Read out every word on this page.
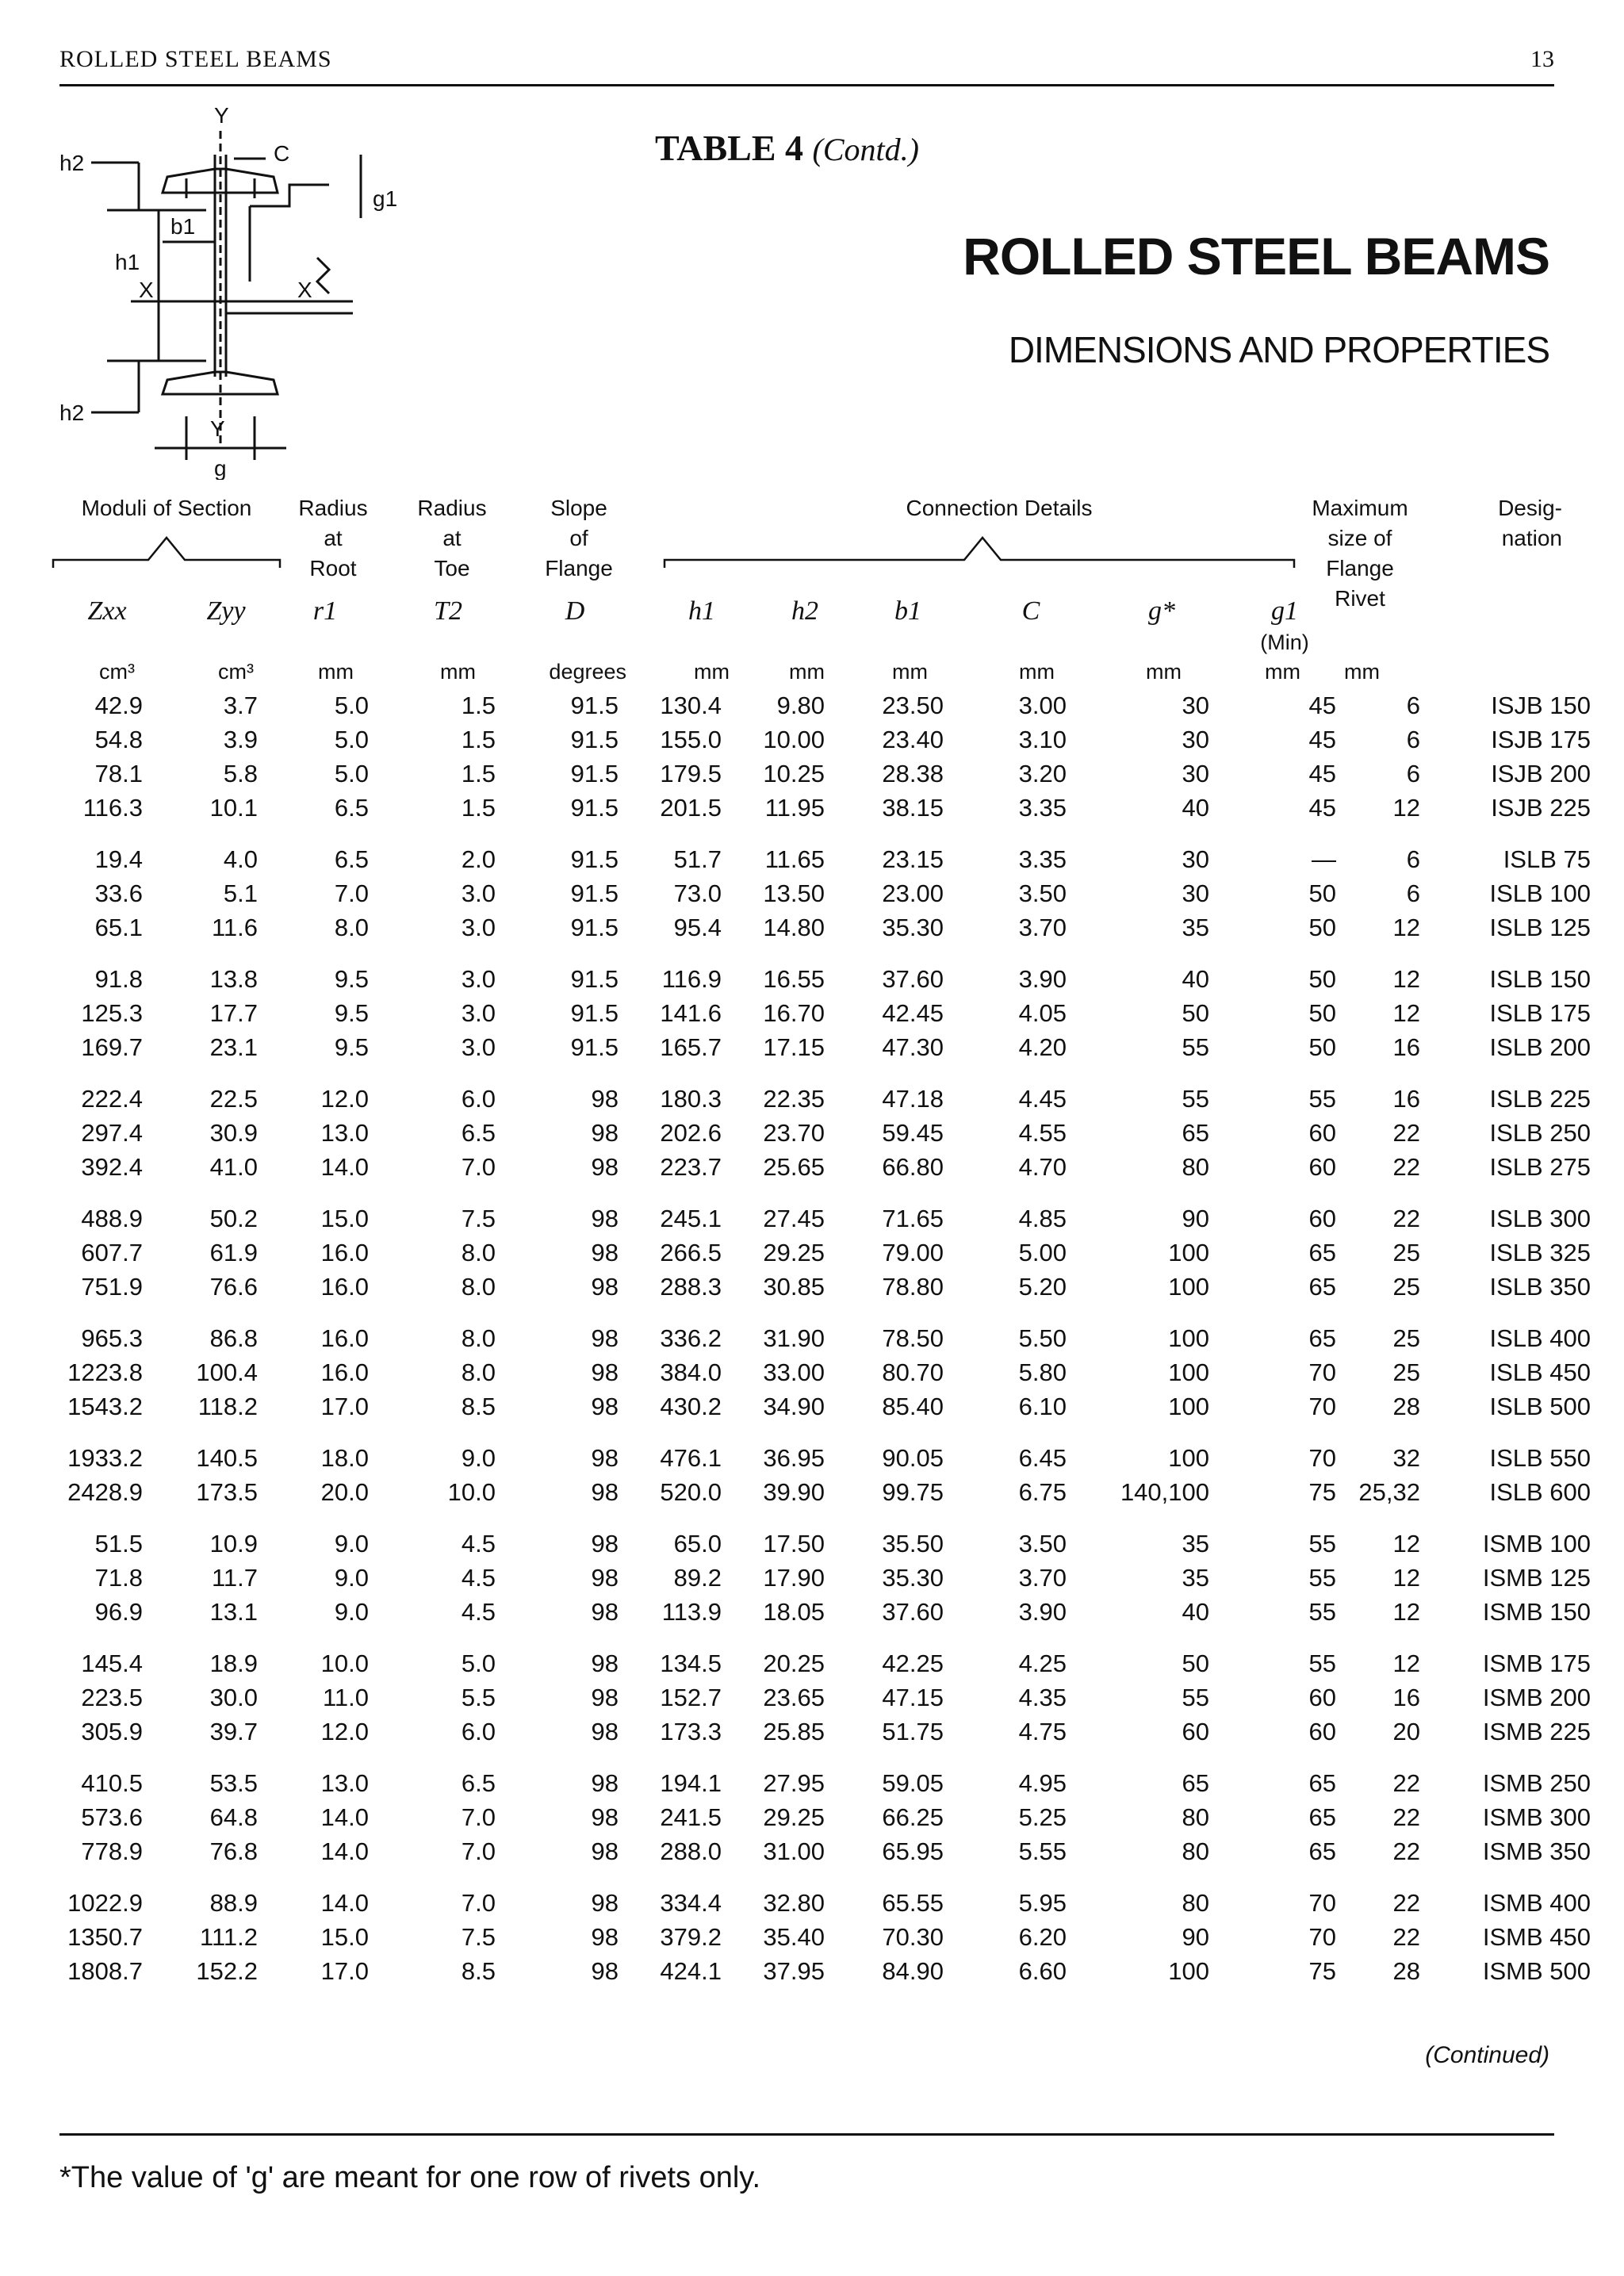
ROLLED STEEL BEAMS	13
Y
Y
X	X
h2
h1
b1
C
g1
h2
g
TABLE 4 (Contd.)
ROLLED STEEL BEAMS
DIMENSIONS AND PROPERTIES
Moduli of Section	Radius
at
Root
Radius
at
Toe
Slope
of
Flange
Connection Details	Maximum
size of
Flange
Rivet
Desig-
nation
Zxx	Zyy	r1	T2	D	h1	h2	b1	C	g*	g1
(Min)
cm³	cm³	mm	mm	degrees	mm	mm	mm	mm	mm	mm	mm
42.9	3.7	5.0	1.5	91.5	130.4	9.80	23.50	3.00	30	45	6	ISJB 150
54.8	3.9	5.0	1.5	91.5	155.0	10.00	23.40	3.10	30	45	6	ISJB 175
78.1	5.8	5.0	1.5	91.5	179.5	10.25	28.38	3.20	30	45	6	ISJB 200
116.3	10.1	6.5	1.5	91.5	201.5	11.95	38.15	3.35	40	45	12	ISJB 225

19.4	4.0	6.5	2.0	91.5	51.7	11.65	23.15	3.35	30	—	6	ISLB 75
33.6	5.1	7.0	3.0	91.5	73.0	13.50	23.00	3.50	30	50	6	ISLB 100
65.1	11.6	8.0	3.0	91.5	95.4	14.80	35.30	3.70	35	50	12	ISLB 125

91.8	13.8	9.5	3.0	91.5	116.9	16.55	37.60	3.90	40	50	12	ISLB 150
125.3	17.7	9.5	3.0	91.5	141.6	16.70	42.45	4.05	50	50	12	ISLB 175
169.7	23.1	9.5	3.0	91.5	165.7	17.15	47.30	4.20	55	50	16	ISLB 200

222.4	22.5	12.0	6.0	98	180.3	22.35	47.18	4.45	55	55	16	ISLB 225
297.4	30.9	13.0	6.5	98	202.6	23.70	59.45	4.55	65	60	22	ISLB 250
392.4	41.0	14.0	7.0	98	223.7	25.65	66.80	4.70	80	60	22	ISLB 275

488.9	50.2	15.0	7.5	98	245.1	27.45	71.65	4.85	90	60	22	ISLB 300
607.7	61.9	16.0	8.0	98	266.5	29.25	79.00	5.00	100	65	25	ISLB 325
751.9	76.6	16.0	8.0	98	288.3	30.85	78.80	5.20	100	65	25	ISLB 350

965.3	86.8	16.0	8.0	98	336.2	31.90	78.50	5.50	100	65	25	ISLB 400
1223.8	100.4	16.0	8.0	98	384.0	33.00	80.70	5.80	100	70	25	ISLB 450
1543.2	118.2	17.0	8.5	98	430.2	34.90	85.40	6.10	100	70	28	ISLB 500

1933.2	140.5	18.0	9.0	98	476.1	36.95	90.05	6.45	100	70	32	ISLB 550
2428.9	173.5	20.0	10.0	98	520.0	39.90	99.75	6.75	140,100	75	25,32	ISLB 600

51.5	10.9	9.0	4.5	98	65.0	17.50	35.50	3.50	35	55	12	ISMB 100
71.8	11.7	9.0	4.5	98	89.2	17.90	35.30	3.70	35	55	12	ISMB 125
96.9	13.1	9.0	4.5	98	113.9	18.05	37.60	3.90	40	55	12	ISMB 150

145.4	18.9	10.0	5.0	98	134.5	20.25	42.25	4.25	50	55	12	ISMB 175
223.5	30.0	11.0	5.5	98	152.7	23.65	47.15	4.35	55	60	16	ISMB 200
305.9	39.7	12.0	6.0	98	173.3	25.85	51.75	4.75	60	60	20	ISMB 225

410.5	53.5	13.0	6.5	98	194.1	27.95	59.05	4.95	65	65	22	ISMB 250
573.6	64.8	14.0	7.0	98	241.5	29.25	66.25	5.25	80	65	22	ISMB 300
778.9	76.8	14.0	7.0	98	288.0	31.00	65.95	5.55	80	65	22	ISMB 350

1022.9	88.9	14.0	7.0	98	334.4	32.80	65.55	5.95	80	70	22	ISMB 400
1350.7	111.2	15.0	7.5	98	379.2	35.40	70.30	6.20	90	70	22	ISMB 450
1808.7	152.2	17.0	8.5	98	424.1	37.95	84.90	6.60	100	75	28	ISMB 500
(Continued)
*The value of 'g' are meant for one row of rivets only.
